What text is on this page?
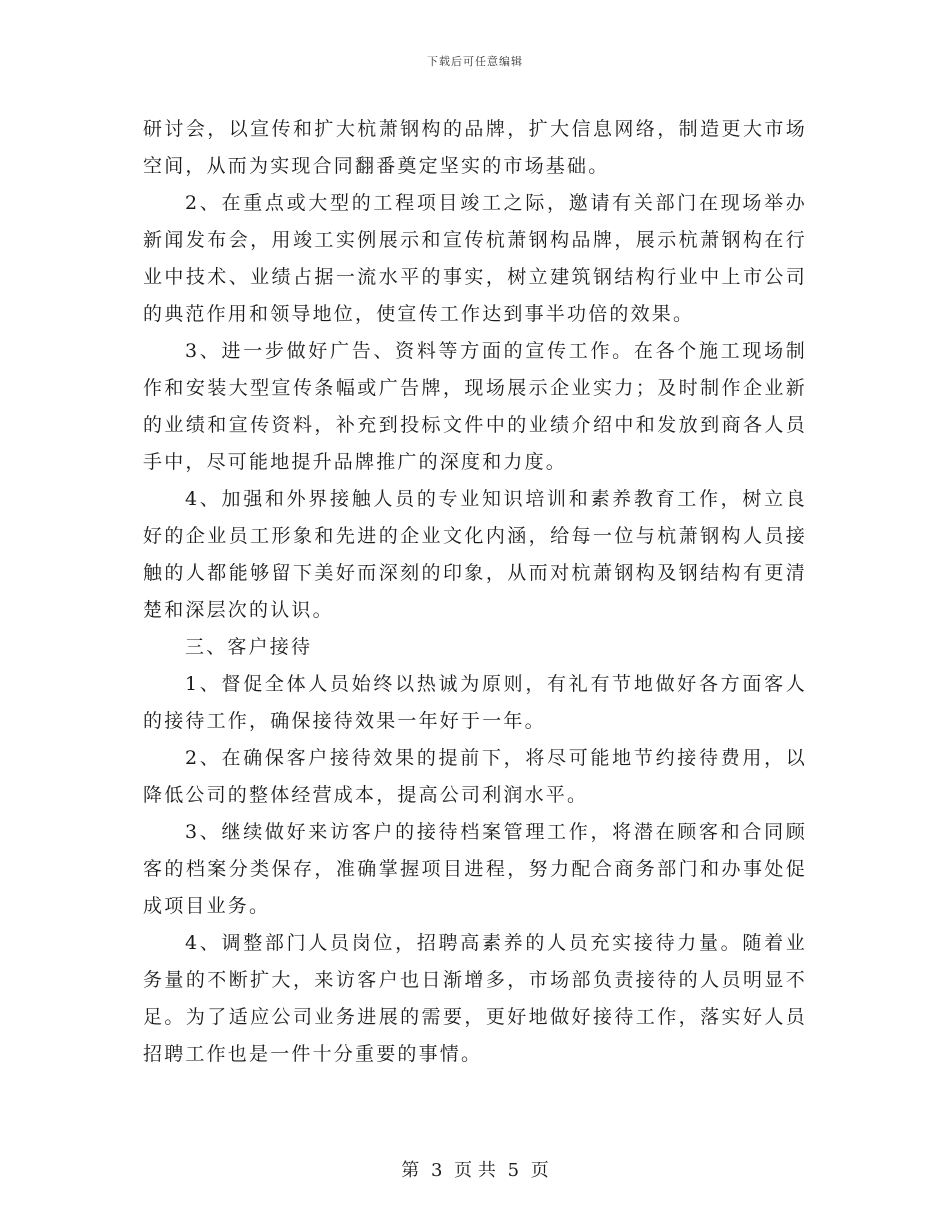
下载后可任意编辑

研讨会，以宣传和扩大杭萧钢构的品牌，扩大信息网络，制造更大市场空间，从而为实现合同翻番奠定坚实的市场基础。

2、在重点或大型的工程项目竣工之际，邀请有关部门在现场举办新闻发布会，用竣工实例展示和宣传杭萧钢构品牌，展示杭萧钢构在行业中技术、业绩占据一流水平的事实，树立建筑钢结构行业中上市公司的典范作用和领导地位，使宣传工作达到事半功倍的效果。

3、进一步做好广告、资料等方面的宣传工作。在各个施工现场制作和安装大型宣传条幅或广告牌，现场展示企业实力；及时制作企业新的业绩和宣传资料，补充到投标文件中的业绩介绍中和发放到商各人员手中，尽可能地提升品牌推广的深度和力度。

4、加强和外界接触人员的专业知识培训和素养教育工作，树立良好的企业员工形象和先进的企业文化内涵，给每一位与杭萧钢构人员接触的人都能够留下美好而深刻的印象，从而对杭萧钢构及钢结构有更清楚和深层次的认识。

三、客户接待

1、督促全体人员始终以热诚为原则，有礼有节地做好各方面客人的接待工作，确保接待效果一年好于一年。

2、在确保客户接待效果的提前下，将尽可能地节约接待费用，以降低公司的整体经营成本，提高公司利润水平。

3、继续做好来访客户的接待档案管理工作，将潜在顾客和合同顾客的档案分类保存，准确掌握项目进程，努力配合商务部门和办事处促成项目业务。

4、调整部门人员岗位，招聘高素养的人员充实接待力量。随着业务量的不断扩大，来访客户也日渐增多，市场部负责接待的人员明显不足。为了适应公司业务进展的需要，更好地做好接待工作，落实好人员招聘工作也是一件十分重要的事情。

第 3 页 共 5 页
